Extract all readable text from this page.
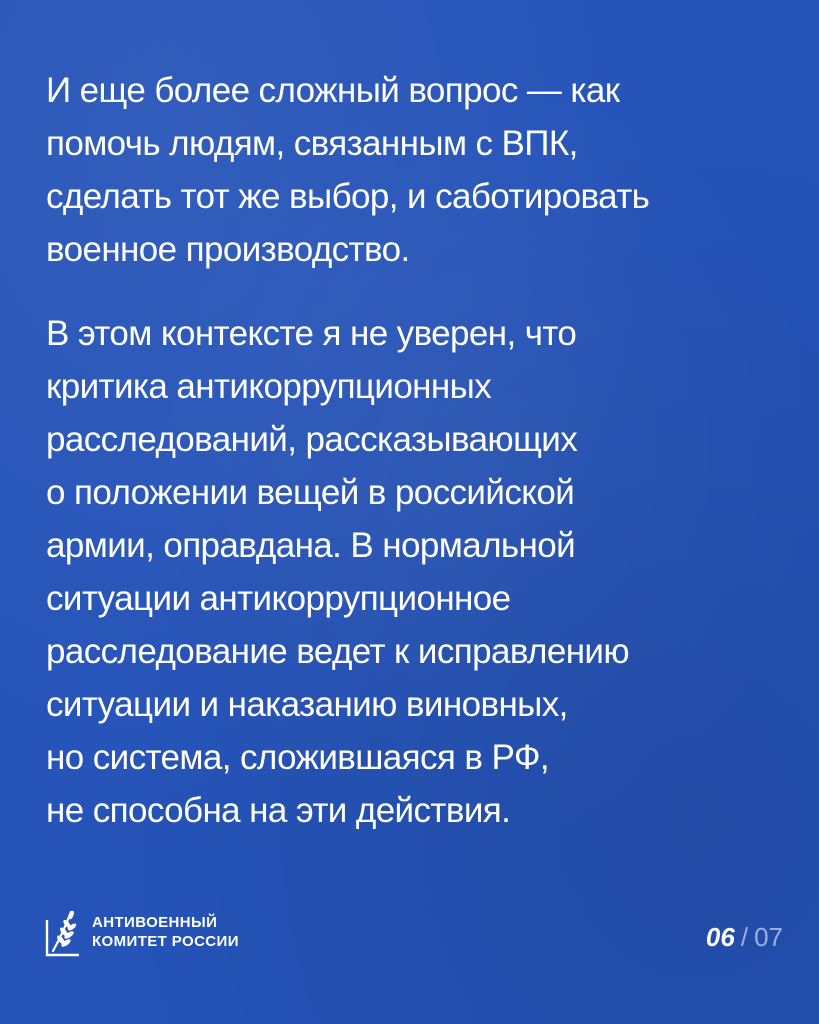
И еще более сложный вопрос — как
помочь людям, связанным с ВПК,
сделать тот же выбор, и саботировать
военное производство.

В этом контексте я не уверен, что
критика антикоррупционных
расследований, рассказывающих
о положении вещей в российской
армии, оправдана. В нормальной
ситуации антикоррупционное
расследование ведет к исправлению
ситуации и наказанию виновных,
но система, сложившаяся в РФ,
не способна на эти действия.

АНТИВОЕННЫЙ
КОМИТЕТ РОССИИ	06 / 07
